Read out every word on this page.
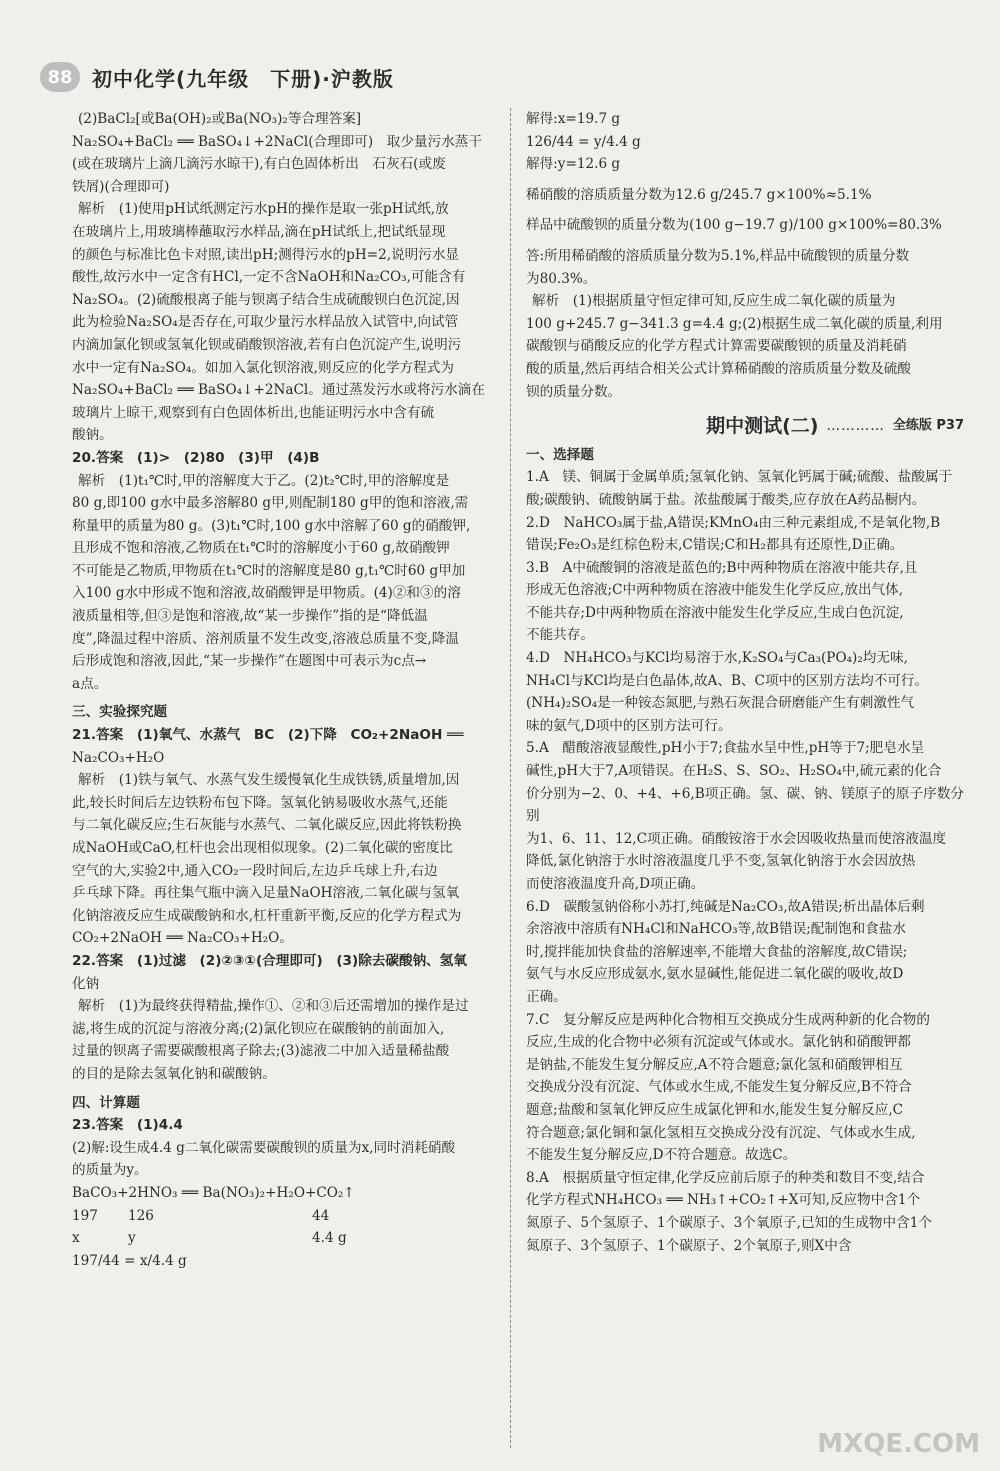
88 初中化学(九年级　下册)·沪教版

(2)BaCl₂[或Ba(OH)₂或Ba(NO₃)₂等合理答案]

Na₂SO₄+BaCl₂ ══ BaSO₄↓+2NaCl(合理即可)　取少量污水蒸干

(或在玻璃片上滴几滴污水晾干),有白色固体析出　石灰石(或废

铁屑)(合理即可)

解析　(1)使用pH试纸测定污水pH的操作是取一张pH试纸,放

在玻璃片上,用玻璃棒蘸取污水样品,滴在pH试纸上,把试纸显现

的颜色与标准比色卡对照,读出pH;测得污水的pH=2,说明污水显

酸性,故污水中一定含有HCl,一定不含NaOH和Na₂CO₃,可能含有

Na₂SO₄。(2)硫酸根离子能与钡离子结合生成硫酸钡白色沉淀,因

此为检验Na₂SO₄是否存在,可取少量污水样品放入试管中,向试管

内滴加氯化钡或氢氧化钡或硝酸钡溶液,若有白色沉淀产生,说明污

水中一定有Na₂SO₄。如加入氯化钡溶液,则反应的化学方程式为

Na₂SO₄+BaCl₂ ══ BaSO₄↓+2NaCl。通过蒸发污水或将污水滴在

玻璃片上晾干,观察到有白色固体析出,也能证明污水中含有硫

酸钠。

20.答案　(1)>　(2)80　(3)甲　(4)B

解析　(1)t₁℃时,甲的溶解度大于乙。(2)t₂℃时,甲的溶解度是

80 g,即100 g水中最多溶解80 g甲,则配制180 g甲的饱和溶液,需

称量甲的质量为80 g。(3)t₁℃时,100 g水中溶解了60 g的硝酸钾,

且形成不饱和溶液,乙物质在t₁℃时的溶解度小于60 g,故硝酸钾

不可能是乙物质,甲物质在t₁℃时的溶解度是80 g,t₁℃时60 g甲加

入100 g水中形成不饱和溶液,故硝酸钾是甲物质。(4)②和③的溶

液质量相等,但③是饱和溶液,故“某一步操作”指的是“降低温

度”,降温过程中溶质、溶剂质量不发生改变,溶液总质量不变,降温

后形成饱和溶液,因此,“某一步操作”在题图中可表示为c点→

a点。

三、实验探究题

21.答案　(1)氧气、水蒸气　BC　(2)下降　CO₂+2NaOH ══

Na₂CO₃+H₂O

解析　(1)铁与氧气、水蒸气发生缓慢氧化生成铁锈,质量增加,因

此,较长时间后左边铁粉布包下降。氢氧化钠易吸收水蒸气,还能

与二氧化碳反应;生石灰能与水蒸气、二氧化碳反应,因此将铁粉换

成NaOH或CaO,杠杆也会出现相似现象。(2)二氧化碳的密度比

空气的大,实验2中,通入CO₂一段时间后,左边乒乓球上升,右边

乒乓球下降。再往集气瓶中滴入足量NaOH溶液,二氧化碳与氢氧

化钠溶液反应生成碳酸钠和水,杠杆重新平衡,反应的化学方程式为

CO₂+2NaOH ══ Na₂CO₃+H₂O。

22.答案　(1)过滤　(2)②③①(合理即可)　(3)除去碳酸钠、氢氧

化钠

解析　(1)为最终获得精盐,操作①、②和③后还需增加的操作是过

滤,将生成的沉淀与溶液分离;(2)氯化钡应在碳酸钠的前面加入,

过量的钡离子需要碳酸根离子除去;(3)滤液二中加入适量稀盐酸

的目的是除去氢氧化钠和碳酸钠。

四、计算题

23.答案　(1)4.4

(2)解:设生成4.4 g二氧化碳需要碳酸钡的质量为x,同时消耗硝酸

的质量为y。

BaCO₃+2HNO₃ ══ Ba(NO₃)₂+H₂O+CO₂↑

197 126	44

x	y	4.4 g

197/44 = x/4.4 g

解得:x=19.7 g

126/44 = y/4.4 g

解得:y=12.6 g

稀硝酸的溶质质量分数为12.6 g/245.7 g×100%≈5.1%

样品中硫酸钡的质量分数为(100 g−19.7 g)/100 g×100%=80.3%

答:所用稀硝酸的溶质质量分数为5.1%,样品中硫酸钡的质量分数

为80.3%。

解析　(1)根据质量守恒定律可知,反应生成二氧化碳的质量为

100 g+245.7 g−341.3 g=4.4 g;(2)根据生成二氧化碳的质量,利用

碳酸钡与硝酸反应的化学方程式计算需要碳酸钡的质量及消耗硝

酸的质量,然后再结合相关公式计算稀硝酸的溶质质量分数及硫酸

钡的质量分数。

期中测试(二) ………… 全练版 P37

一、选择题

1.A　镁、铜属于金属单质;氢氧化钠、氢氧化钙属于碱;硫酸、盐酸属于

酸;碳酸钠、硫酸钠属于盐。浓盐酸属于酸类,应存放在A药品橱内。

2.D　NaHCO₃属于盐,A错误;KMnO₄由三种元素组成,不是氧化物,B

错误;Fe₂O₃是红棕色粉末,C错误;C和H₂都具有还原性,D正确。

3.B　A中硫酸铜的溶液是蓝色的;B中两种物质在溶液中能共存,且

形成无色溶液;C中两种物质在溶液中能发生化学反应,放出气体,

不能共存;D中两种物质在溶液中能发生化学反应,生成白色沉淀,

不能共存。

4.D　NH₄HCO₃与KCl均易溶于水,K₂SO₄与Ca₃(PO₄)₂均无味,

NH₄Cl与KCl均是白色晶体,故A、B、C项中的区别方法均不可行。

(NH₄)₂SO₄是一种铵态氮肥,与熟石灰混合研磨能产生有刺激性气

味的氨气,D项中的区别方法可行。

5.A　醋酸溶液显酸性,pH小于7;食盐水呈中性,pH等于7;肥皂水呈

碱性,pH大于7,A项错误。在H₂S、S、SO₂、H₂SO₄中,硫元素的化合

价分别为−2、0、+4、+6,B项正确。氢、碳、钠、镁原子的原子序数分别

为1、6、11、12,C项正确。硝酸铵溶于水会因吸收热量而使溶液温度

降低,氯化钠溶于水时溶液温度几乎不变,氢氧化钠溶于水会因放热

而使溶液温度升高,D项正确。

6.D　碳酸氢钠俗称小苏打,纯碱是Na₂CO₃,故A错误;析出晶体后剩

余溶液中溶质有NH₄Cl和NaHCO₃等,故B错误;配制饱和食盐水

时,搅拌能加快食盐的溶解速率,不能增大食盐的溶解度,故C错误;

氨气与水反应形成氨水,氨水显碱性,能促进二氧化碳的吸收,故D

正确。

7.C　复分解反应是两种化合物相互交换成分生成两种新的化合物的

反应,生成的化合物中必须有沉淀或气体或水。氯化钠和硝酸钾都

是钠盐,不能发生复分解反应,A不符合题意;氯化氢和硝酸钾相互

交换成分没有沉淀、气体或水生成,不能发生复分解反应,B不符合

题意;盐酸和氢氧化钾反应生成氯化钾和水,能发生复分解反应,C

符合题意;氯化铜和氯化氢相互交换成分没有沉淀、气体或水生成,

不能发生复分解反应,D不符合题意。故选C。

8.A　根据质量守恒定律,化学反应前后原子的种类和数目不变,结合

化学方程式NH₄HCO₃ ══ NH₃↑+CO₂↑+X可知,反应物中含1个

氮原子、5个氢原子、1个碳原子、3个氧原子,已知的生成物中含1个

氮原子、3个氢原子、1个碳原子、2个氧原子,则X中含

MXQE.COM
